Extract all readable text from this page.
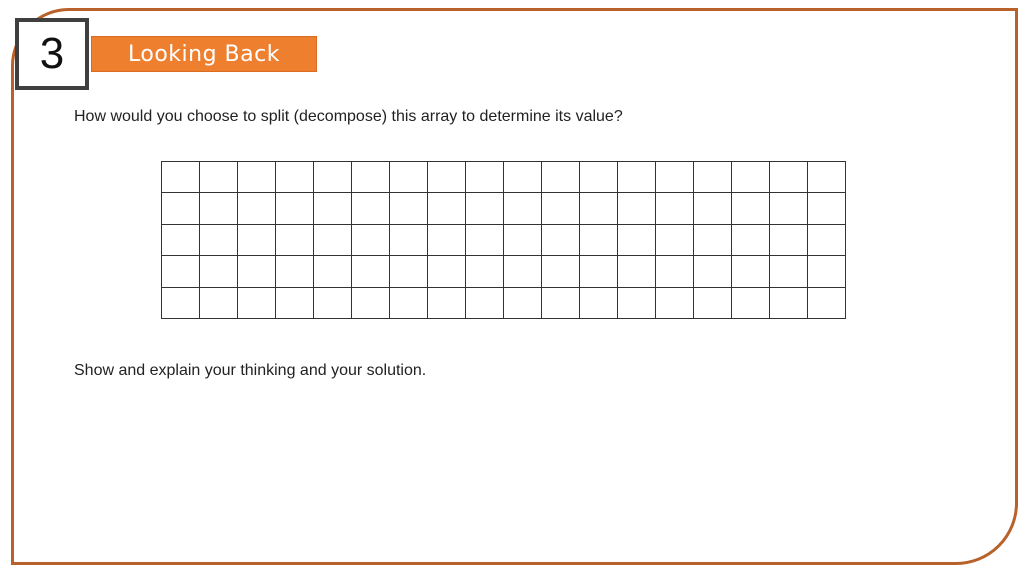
3	Looking Back
How would you choose to split (decompose) this array to determine its value?
Show and explain your thinking and your solution.
